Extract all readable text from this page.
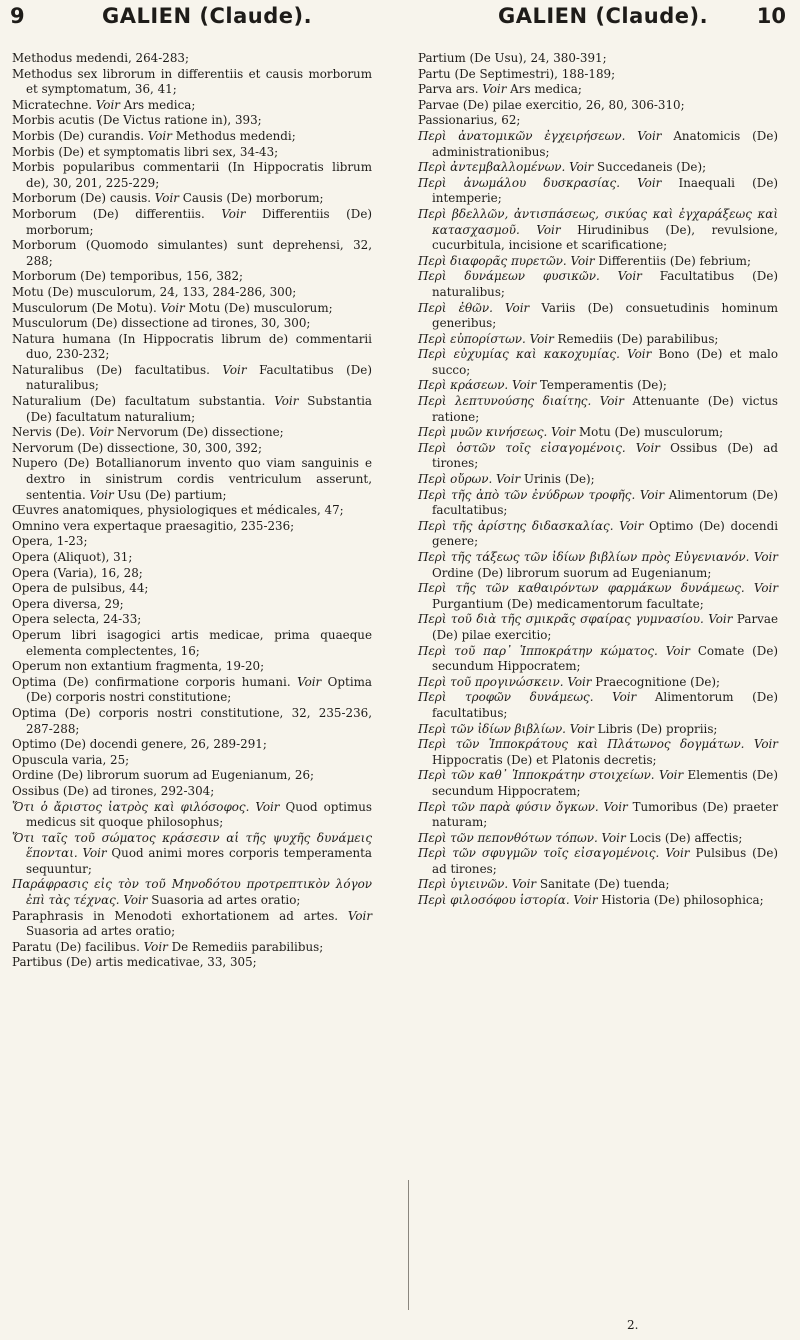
9	GALIEN (Claude).	GALIEN (Claude). 10

Methodus medendi, 264-283;

Methodus sex librorum in differentiis et causis morborum et symptomatum, 36, 41;

Micratechne. Voir Ars medica;

Morbis acutis (De Victus ratione in), 393;

Morbis (De) curandis. Voir Methodus medendi;

Morbis (De) et symptomatis libri sex, 34-43;

Morbis popularibus commentarii (In Hippocratis librum de), 30, 201, 225-229;

Morborum (De) causis. Voir Causis (De) morborum;

Morborum (De) differentiis. Voir Differentiis (De) morborum;

Morborum (Quomodo simulantes) sunt deprehensi, 32, 288;

Morborum (De) temporibus, 156, 382;

Motu (De) musculorum, 24, 133, 284-286, 300;

Musculorum (De Motu). Voir Motu (De) musculorum;

Musculorum (De) dissectione ad tirones, 30, 300;

Natura humana (In Hippocratis librum de) commentarii duo, 230-232;

Naturalibus (De) facultatibus. Voir Facultatibus (De) naturalibus;

Naturalium (De) facultatum substantia. Voir Substantia (De) facultatum naturalium;

Nervis (De). Voir Nervorum (De) dissectione;

Nervorum (De) dissectione, 30, 300, 392;

Nupero (De) Botallianorum invento quo viam sanguinis e dextro in sinistrum cordis ventriculum asserunt, sententia. Voir Usu (De) partium;

Œuvres anatomiques, physiologiques et médicales, 47;

Omnino vera expertaque praesagitio, 235-236;

Opera, 1-23;

Opera (Aliquot), 31;

Opera (Varia), 16, 28;

Opera de pulsibus, 44;

Opera diversa, 29;

Opera selecta, 24-33;

Operum libri isagogici artis medicae, prima quaeque elementa complectentes, 16;

Operum non extantium fragmenta, 19-20;

Optima (De) confirmatione corporis humani. Voir Optima (De) corporis nostri constitutione;

Optima (De) corporis nostri constitutione, 32, 235-236, 287-288;

Optimo (De) docendi genere, 26, 289-291;

Opuscula varia, 25;

Ordine (De) librorum suorum ad Eugenianum, 26;

Ossibus (De) ad tirones, 292-304;

Ὅτι ὁ ἄριστος ἰατρὸς καὶ φιλόσοφος. Voir Quod optimus medicus sit quoque philosophus;

Ὅτι ταῖς τοῦ σώματος κράσεσιν αἱ τῆς ψυχῆς δυνάμεις ἕπονται. Voir Quod animi mores corporis temperamenta sequuntur;

Παράφρασις εἰς τὸν τοῦ Μηνοδότου προτρεπτικὸν λόγον ἐπὶ τὰς τέχνας. Voir Suasoria ad artes oratio;

Paraphrasis in Menodoti exhortationem ad artes. Voir Suasoria ad artes oratio;

Paratu (De) facilibus. Voir De Remediis parabilibus;

Partibus (De) artis medicativae, 33, 305;

Partium (De Usu), 24, 380-391;

Partu (De Septimestri), 188-189;

Parva ars. Voir Ars medica;

Parvae (De) pilae exercitio, 26, 80, 306-310;

Passionarius, 62;

Περὶ ἀνατομικῶν ἐγχειρήσεων. Voir Anatomicis (De) administrationibus;

Περὶ ἀντεμβαλλομένων. Voir Succedaneis (De);

Περὶ ἀνωμάλου δυσκρασίας. Voir Inaequali (De) intemperie;

Περὶ βδελλῶν, ἀντισπάσεως, σικύας καὶ ἐγχαράξεως καὶ κατασχασμοῦ. Voir Hirudinibus (De), revulsione, cucurbitula, incisione et scarificatione;

Περὶ διαφορᾶς πυρετῶν. Voir Differentiis (De) febrium;

Περὶ δυνάμεων φυσικῶν. Voir Facultatibus (De) naturalibus;

Περὶ ἐθῶν. Voir Variis (De) consuetudinis hominum generibus;

Περὶ εὐπορίστων. Voir Remediis (De) parabilibus;

Περὶ εὐχυμίας καὶ κακοχυμίας. Voir Bono (De) et malo succo;

Περὶ κράσεων. Voir Temperamentis (De);

Περὶ λεπτυνούσης διαίτης. Voir Attenuante (De) victus ratione;

Περὶ μυῶν κινήσεως. Voir Motu (De) musculorum;

Περὶ ὀστῶν τοῖς εἰσαγομένοις. Voir Ossibus (De) ad tirones;

Περὶ οὔρων. Voir Urinis (De);

Περὶ τῆς ἀπὸ τῶν ἐνύδρων τροφῆς. Voir Alimentorum (De) facultatibus;

Περὶ τῆς ἀρίστης διδασκαλίας. Voir Optimo (De) docendi genere;

Περὶ τῆς τάξεως τῶν ἰδίων βιβλίων πρὸς Εὐγενιανόν. Voir Ordine (De) librorum suorum ad Eugenianum;

Περὶ τῆς τῶν καθαιρόντων φαρμάκων δυνάμεως. Voir Purgantium (De) medicamentorum facultate;

Περὶ τοῦ διὰ τῆς σμικρᾶς σφαίρας γυμνασίου. Voir Parvae (De) pilae exercitio;

Περὶ τοῦ παρ᾽ Ἱπποκράτην κώματος. Voir Comate (De) secundum Hippocratem;

Περὶ τοῦ προγινώσκειν. Voir Praecognitione (De);

Περὶ τροφῶν δυνάμεως. Voir Alimentorum (De) facultatibus;

Περὶ τῶν ἰδίων βιβλίων. Voir Libris (De) propriis;

Περὶ τῶν Ἱπποκράτους καὶ Πλάτωνος δογμάτων. Voir Hippocratis (De) et Platonis decretis;

Περὶ τῶν καθ᾽ Ἱπποκράτην στοιχείων. Voir Elementis (De) secundum Hippocratem;

Περὶ τῶν παρὰ φύσιν ὄγκων. Voir Tumoribus (De) praeter naturam;

Περὶ τῶν πεπονθότων τόπων. Voir Locis (De) affectis;

Περὶ τῶν σφυγμῶν τοῖς εἰσαγομένοις. Voir Pulsibus (De) ad tirones;

Περὶ ὑγιεινῶν. Voir Sanitate (De) tuenda;

Περὶ φιλοσόφου ἱστορία. Voir Historia (De) philosophica;

2.
